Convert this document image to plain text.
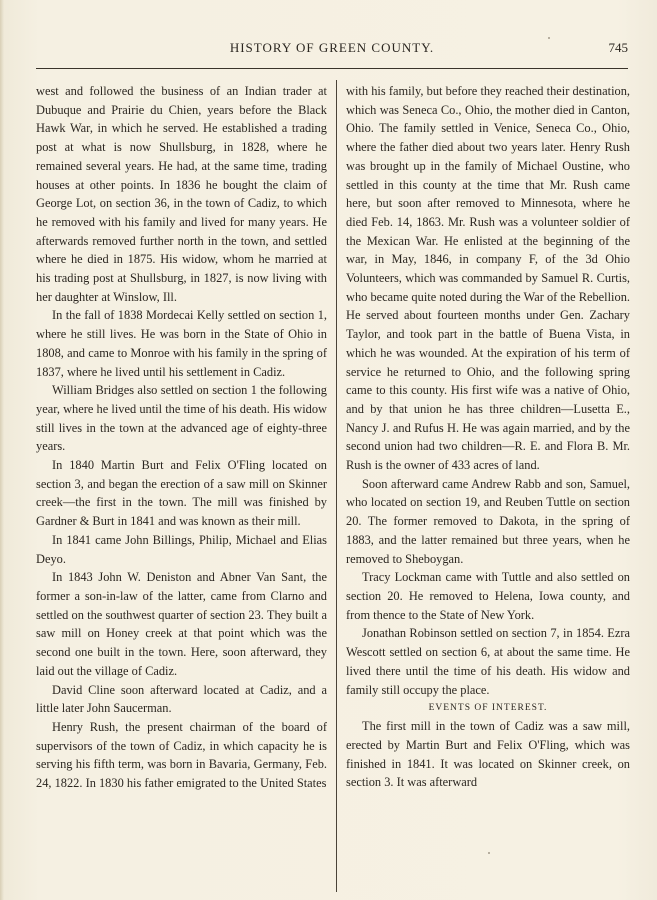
HISTORY OF GREEN COUNTY.	745

west and followed the business of an Indian trader at Dubuque and Prairie du Chien, years before the Black Hawk War, in which he served. He established a trading post at what is now Shullsburg, in 1828, where he remained several years. He had, at the same time, trading houses at other points. In 1836 he bought the claim of George Lot, on section 36, in the town of Cadiz, to which he removed with his family and lived for many years. He afterwards removed further north in the town, and settled where he died in 1875. His widow, whom he married at his trading post at Shullsburg, in 1827, is now living with her daughter at Winslow, Ill.

In the fall of 1838 Mordecai Kelly settled on section 1, where he still lives. He was born in the State of Ohio in 1808, and came to Monroe with his family in the spring of 1837, where he lived until his settlement in Cadiz.

William Bridges also settled on section 1 the following year, where he lived until the time of his death. His widow still lives in the town at the advanced age of eighty-three years.

In 1840 Martin Burt and Felix O'Fling located on section 3, and began the erection of a saw mill on Skinner creek—the first in the town. The mill was finished by Gardner & Burt in 1841 and was known as their mill.

In 1841 came John Billings, Philip, Michael and Elias Deyo.

In 1843 John W. Deniston and Abner Van Sant, the former a son-in-law of the latter, came from Clarno and settled on the southwest quarter of section 23. They built a saw mill on Honey creek at that point which was the second one built in the town. Here, soon afterward, they laid out the village of Cadiz.

David Cline soon afterward located at Cadiz, and a little later John Saucerman.

Henry Rush, the present chairman of the board of supervisors of the town of Cadiz, in which capacity he is serving his fifth term, was born in Bavaria, Germany, Feb. 24, 1822. In 1830 his father emigrated to the United States

with his family, but before they reached their destination, which was Seneca Co., Ohio, the mother died in Canton, Ohio. The family settled in Venice, Seneca Co., Ohio, where the father died about two years later. Henry Rush was brought up in the family of Michael Oustine, who settled in this county at the time that Mr. Rush came here, but soon after removed to Minnesota, where he died Feb. 14, 1863. Mr. Rush was a volunteer soldier of the Mexican War. He enlisted at the beginning of the war, in May, 1846, in company F, of the 3d Ohio Volunteers, which was commanded by Samuel R. Curtis, who became quite noted during the War of the Rebellion. He served about fourteen months under Gen. Zachary Taylor, and took part in the battle of Buena Vista, in which he was wounded. At the expiration of his term of service he returned to Ohio, and the following spring came to this county. His first wife was a native of Ohio, and by that union he has three children—Lusetta E., Nancy J. and Rufus H. He was again married, and by the second union had two children—R. E. and Flora B. Mr. Rush is the owner of 433 acres of land.

Soon afterward came Andrew Rabb and son, Samuel, who located on section 19, and Reuben Tuttle on section 20. The former removed to Dakota, in the spring of 1883, and the latter remained but three years, when he removed to Sheboygan.

Tracy Lockman came with Tuttle and also settled on section 20. He removed to Helena, Iowa county, and from thence to the State of New York.

Jonathan Robinson settled on section 7, in 1854. Ezra Wescott settled on section 6, at about the same time. He lived there until the time of his death. His widow and family still occupy the place.

EVENTS OF INTEREST.

The first mill in the town of Cadiz was a saw mill, erected by Martin Burt and Felix O'Fling, which was finished in 1841. It was located on Skinner creek, on section 3. It was afterward
